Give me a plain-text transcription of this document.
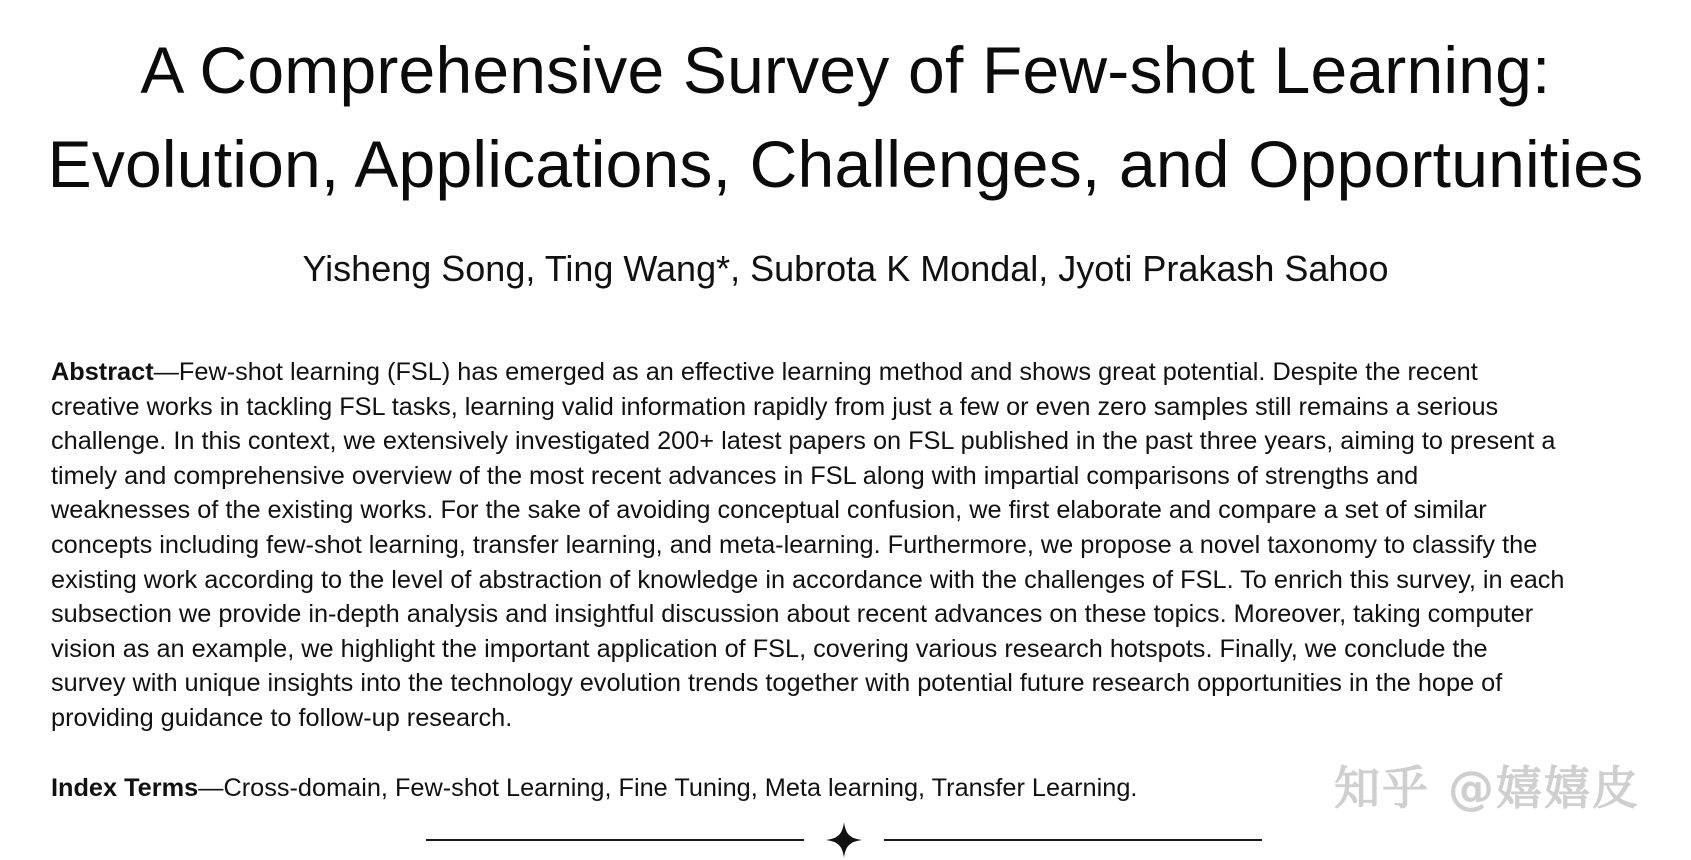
A Comprehensive Survey of Few-shot Learning:
Evolution, Applications, Challenges, and Opportunities
Yisheng Song, Ting Wang*, Subrota K Mondal, Jyoti Prakash Sahoo
Abstract—Few-shot learning (FSL) has emerged as an effective learning method and shows great potential. Despite the recent
creative works in tackling FSL tasks, learning valid information rapidly from just a few or even zero samples still remains a serious
challenge. In this context, we extensively investigated 200+ latest papers on FSL published in the past three years, aiming to present a
timely and comprehensive overview of the most recent advances in FSL along with impartial comparisons of strengths and
weaknesses of the existing works. For the sake of avoiding conceptual confusion, we first elaborate and compare a set of similar
concepts including few-shot learning, transfer learning, and meta-learning. Furthermore, we propose a novel taxonomy to classify the
existing work according to the level of abstraction of knowledge in accordance with the challenges of FSL. To enrich this survey, in each
subsection we provide in-depth analysis and insightful discussion about recent advances on these topics. Moreover, taking computer
vision as an example, we highlight the important application of FSL, covering various research hotspots. Finally, we conclude the
survey with unique insights into the technology evolution trends together with potential future research opportunities in the hope of
providing guidance to follow-up research.
Index Terms—Cross-domain, Few-shot Learning, Fine Tuning, Meta learning, Transfer Learning.	知乎 @嬉嬉皮
